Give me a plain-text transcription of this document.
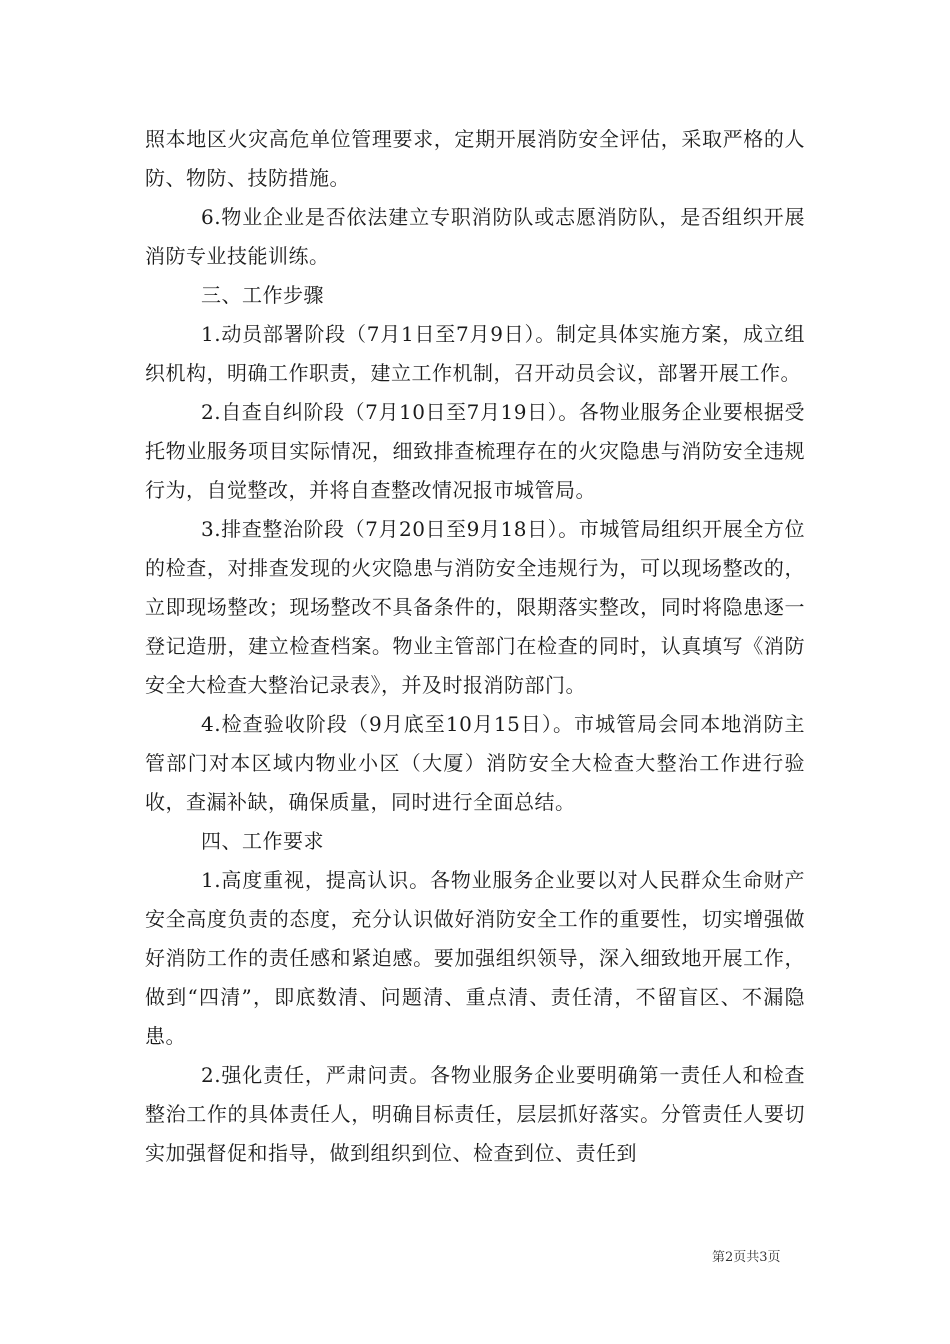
照本地区火灾高危单位管理要求，定期开展消防安全评估，采取严格的人防、物防、技防措施。

6.物业企业是否依法建立专职消防队或志愿消防队，是否组织开展消防专业技能训练。

三、工作步骤

1.动员部署阶段（7月1日至7月9日）。制定具体实施方案，成立组织机构，明确工作职责，建立工作机制，召开动员会议，部署开展工作。

2.自查自纠阶段（7月10日至7月19日）。各物业服务企业要根据受托物业服务项目实际情况，细致排查梳理存在的火灾隐患与消防安全违规行为，自觉整改，并将自查整改情况报市城管局。

3.排查整治阶段（7月20日至9月18日）。市城管局组织开展全方位的检查，对排查发现的火灾隐患与消防安全违规行为，可以现场整改的，立即现场整改；现场整改不具备条件的，限期落实整改，同时将隐患逐一登记造册，建立检查档案。物业主管部门在检查的同时，认真填写《消防安全大检查大整治记录表》，并及时报消防部门。

4.检查验收阶段（9月底至10月15日）。市城管局会同本地消防主管部门对本区域内物业小区（大厦）消防安全大检查大整治工作进行验收，查漏补缺，确保质量，同时进行全面总结。

四、工作要求

1.高度重视，提高认识。各物业服务企业要以对人民群众生命财产安全高度负责的态度，充分认识做好消防安全工作的重要性，切实增强做好消防工作的责任感和紧迫感。要加强组织领导，深入细致地开展工作，做到“四清”，即底数清、问题清、重点清、责任清，不留盲区、不漏隐患。

2.强化责任，严肃问责。各物业服务企业要明确第一责任人和检查整治工作的具体责任人，明确目标责任，层层抓好落实。分管责任人要切实加强督促和指导，做到组织到位、检查到位、责任到

第2页共3页
